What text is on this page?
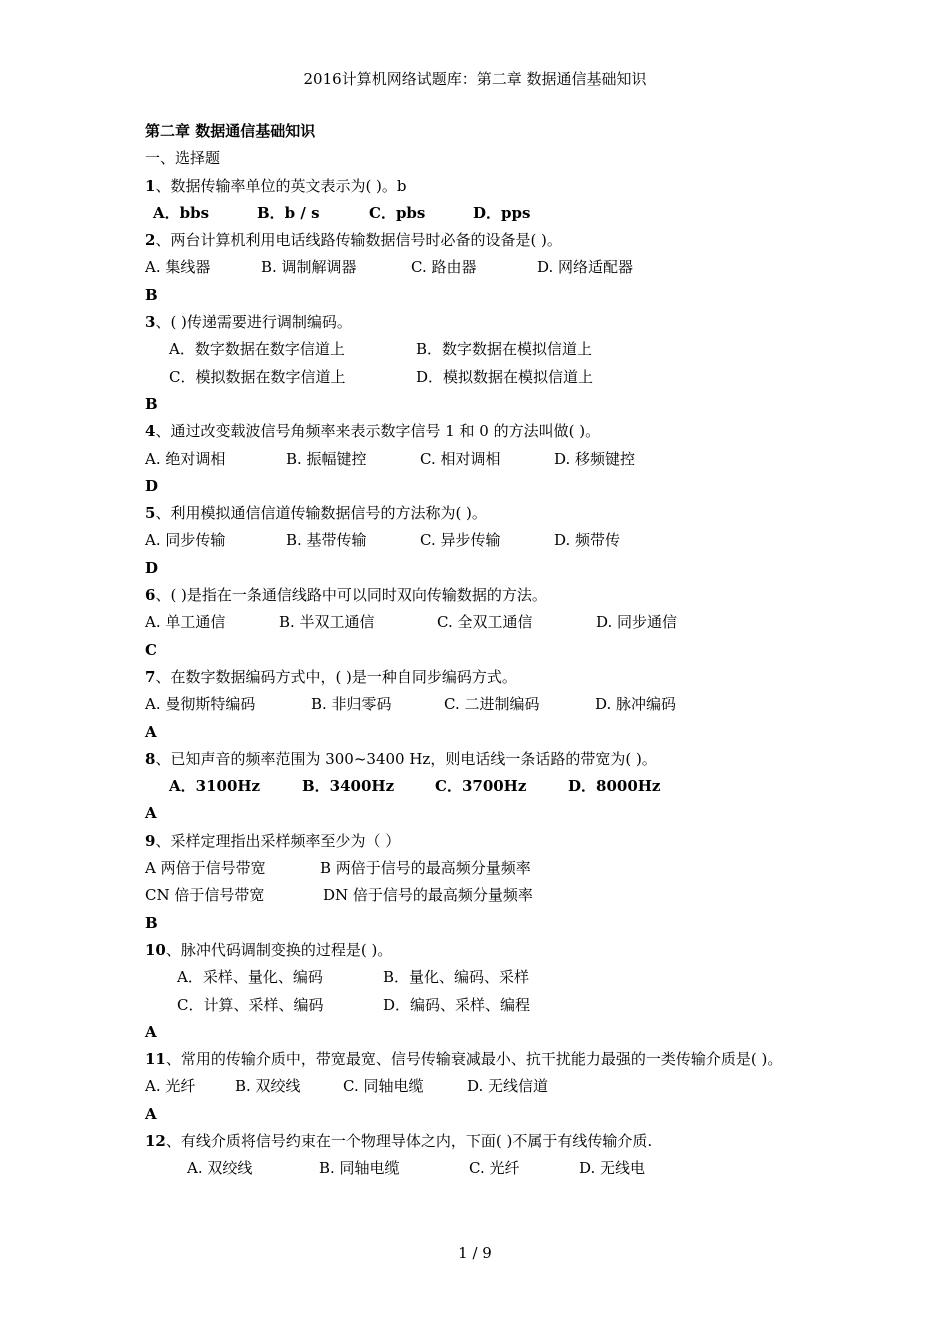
2016计算机网络试题库：第二章 数据通信基础知识
第二章 数据通信基础知识
一、选择题
1、数据传输率单位的英文表示为( )。b
A．bbs	B．b / s	C．pbs	D．pps
2、两台计算机利用电话线路传输数据信号时必备的设备是( )。
A. 集线器	B. 调制解调器	C. 路由器	D. 网络适配器
B
3、( )传递需要进行调制编码。
A．数字数据在数字信道上	B．数字数据在模拟信道上
C．模拟数据在数字信道上	D．模拟数据在模拟信道上
B
4、通过改变载波信号角频率来表示数字信号 1 和 0 的方法叫做( )。
A. 绝对调相	B. 振幅键控	C. 相对调相	D. 移频键控
D
5、利用模拟通信信道传输数据信号的方法称为( )。
A. 同步传输	B. 基带传输	C. 异步传输	D. 频带传
D
6、( )是指在一条通信线路中可以同时双向传输数据的方法。
A. 单工通信	B. 半双工通信	C. 全双工通信	D. 同步通信
C
7、在数字数据编码方式中，( )是一种自同步编码方式。
A. 曼彻斯特编码	B. 非归零码	C. 二进制编码	D. 脉冲编码
A
8、已知声音的频率范围为 300~3400 Hz，则电话线一条话路的带宽为( )。
A．3100Hz	B．3400Hz	C．3700Hz	D．8000Hz
A
9、采样定理指出采样频率至少为（ ）
A 两倍于信号带宽	B 两倍于信号的最高频分量频率
CN 倍于信号带宽	DN 倍于信号的最高频分量频率
B
10、脉冲代码调制变换的过程是( )。
A．采样、量化、编码	B．量化、编码、采样
C．计算、采样、编码	D．编码、采样、编程
A
11、常用的传输介质中，带宽最宽、信号传输衰减最小、抗干扰能力最强的一类传输介质是( )。
A. 光纤	B. 双绞线	C. 同轴电缆	D. 无线信道
A
12、有线介质将信号约束在一个物理导体之内，下面( )不属于有线传输介质.
A. 双绞线	B. 同轴电缆	C. 光纤	D. 无线电
1 / 9
